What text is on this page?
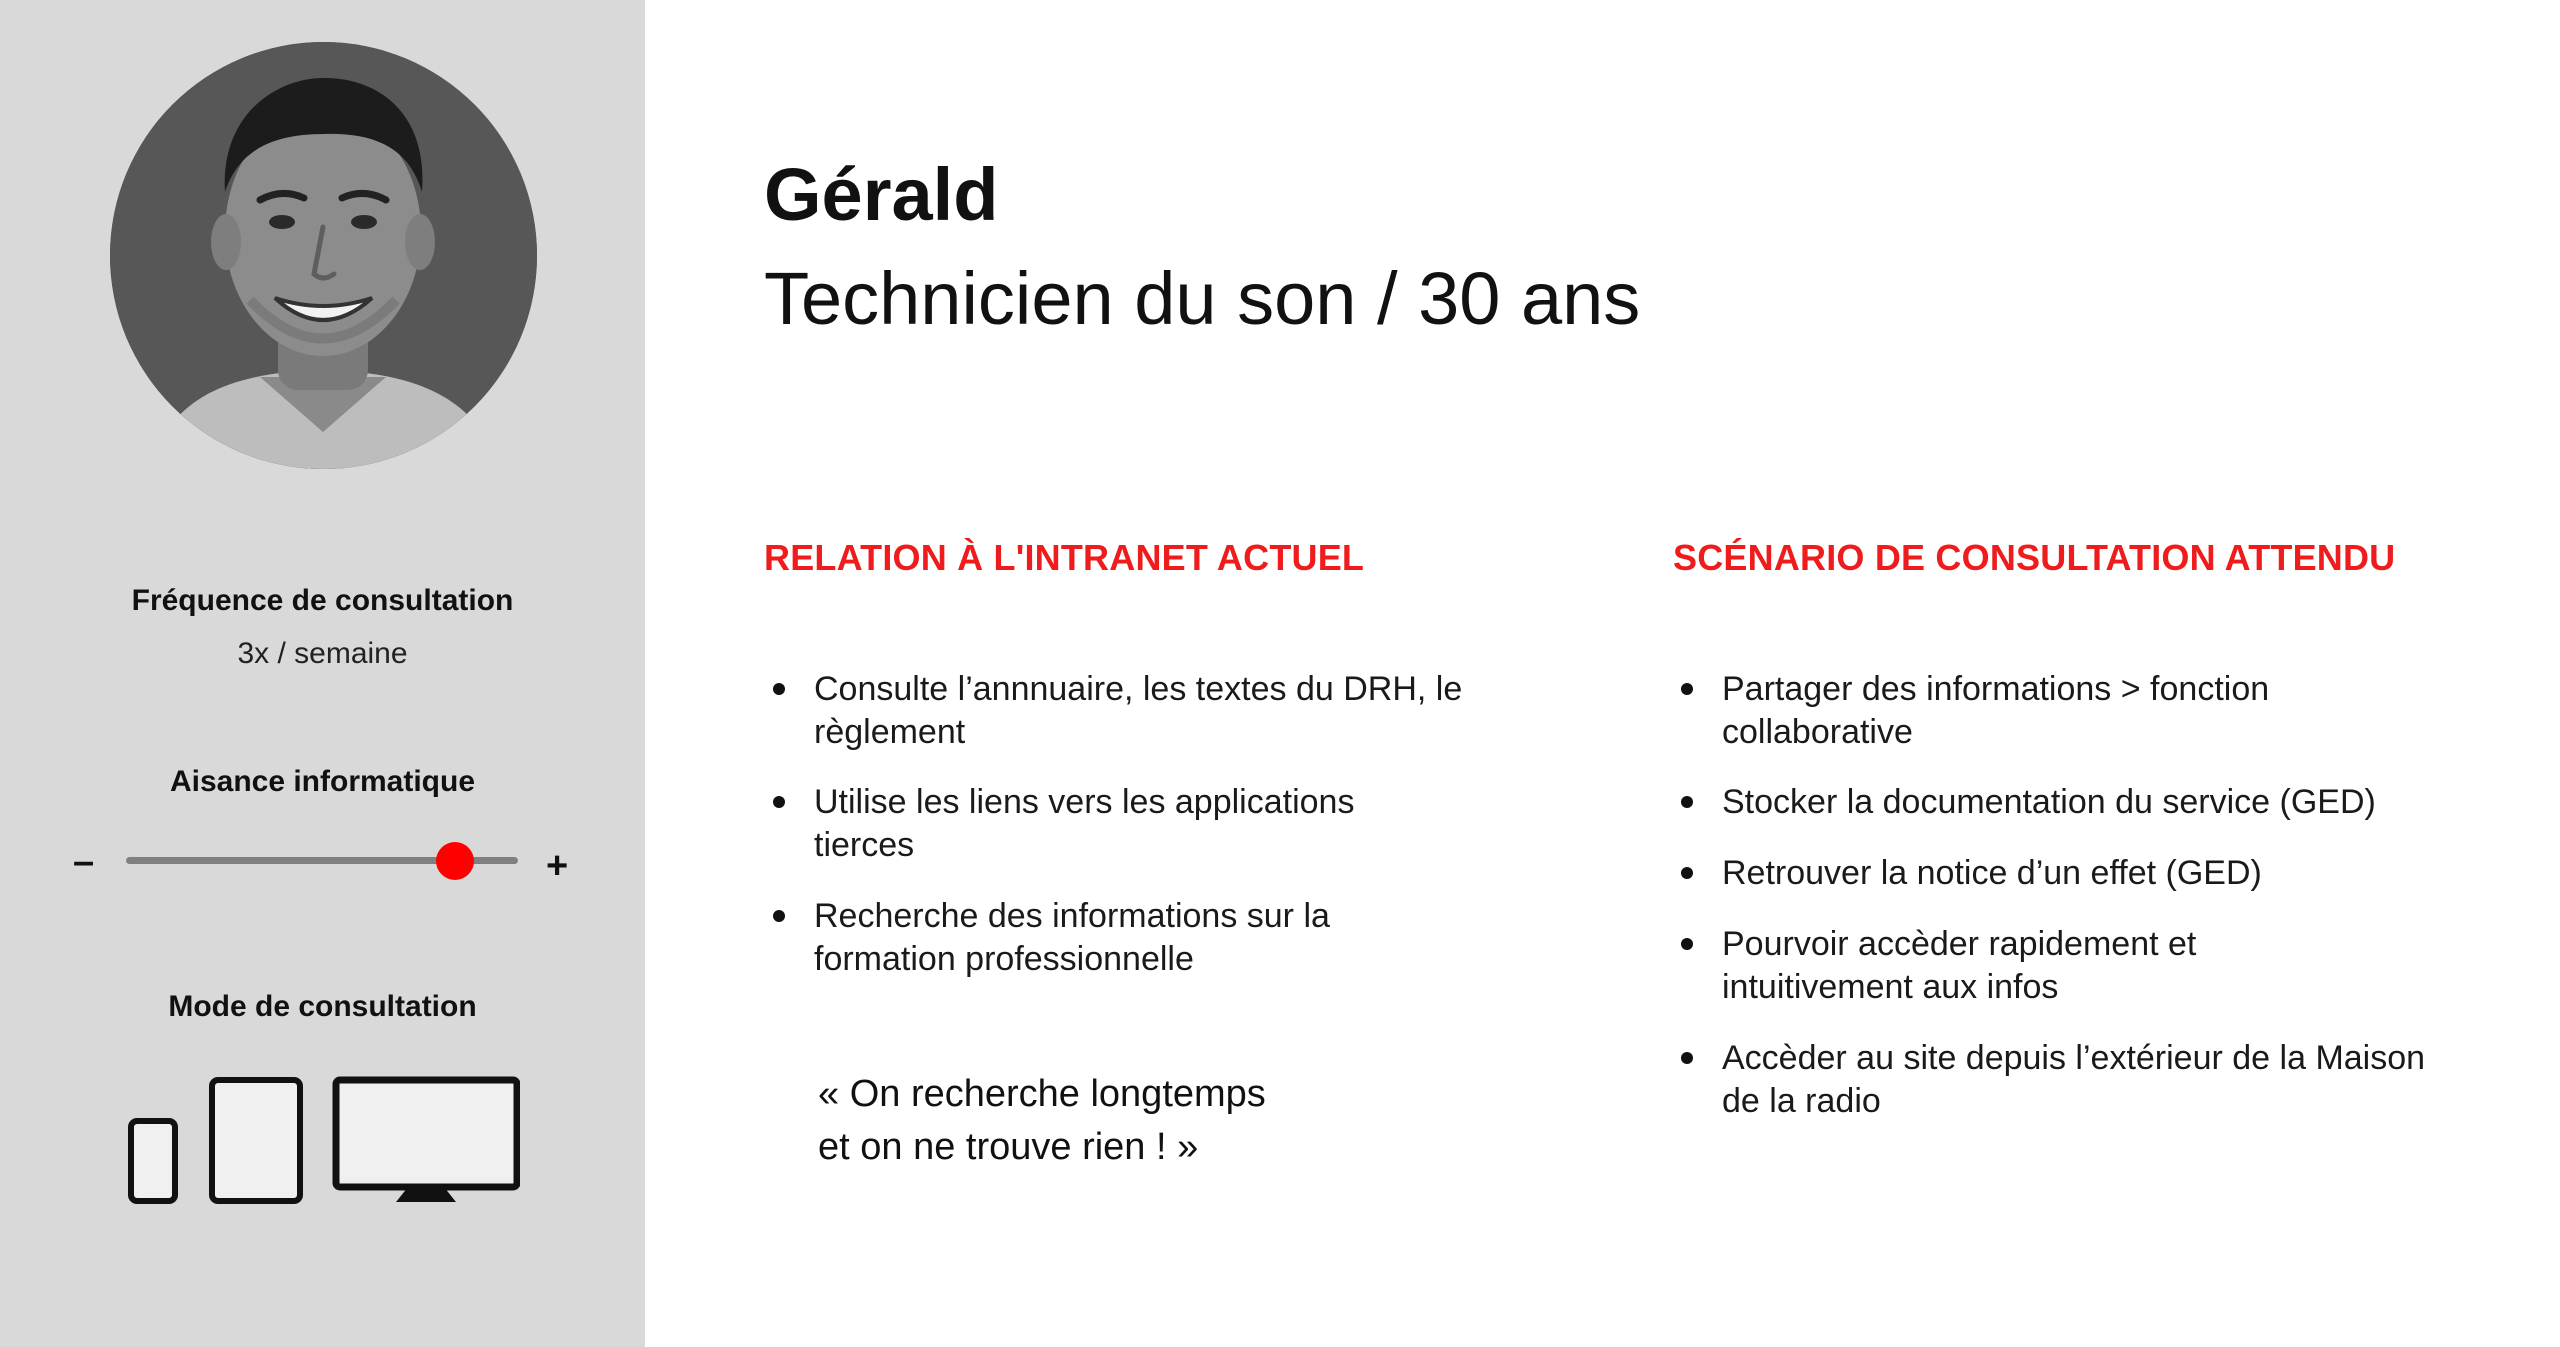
Fréquence de consultation
3x / semaine
Aisance informatique
–	+
Mode de consultation
Gérald
Technicien du son / 30 ans
RELATION À L'INTRANET ACTUEL
Consulte l’annnuaire, les textes du DRH, le règlement
Utilise les liens vers les applications tierces
Recherche des informations sur la formation professionnelle
« On recherche longtemps
et on ne trouve rien ! »
SCÉNARIO DE CONSULTATION ATTENDU
Partager des informations > fonction collaborative
Stocker la documentation du service (GED)
Retrouver la notice d’un effet (GED)
Pourvoir accèder rapidement et intuitivement aux infos
Accèder au site depuis l’extérieur de la Maison de la radio
